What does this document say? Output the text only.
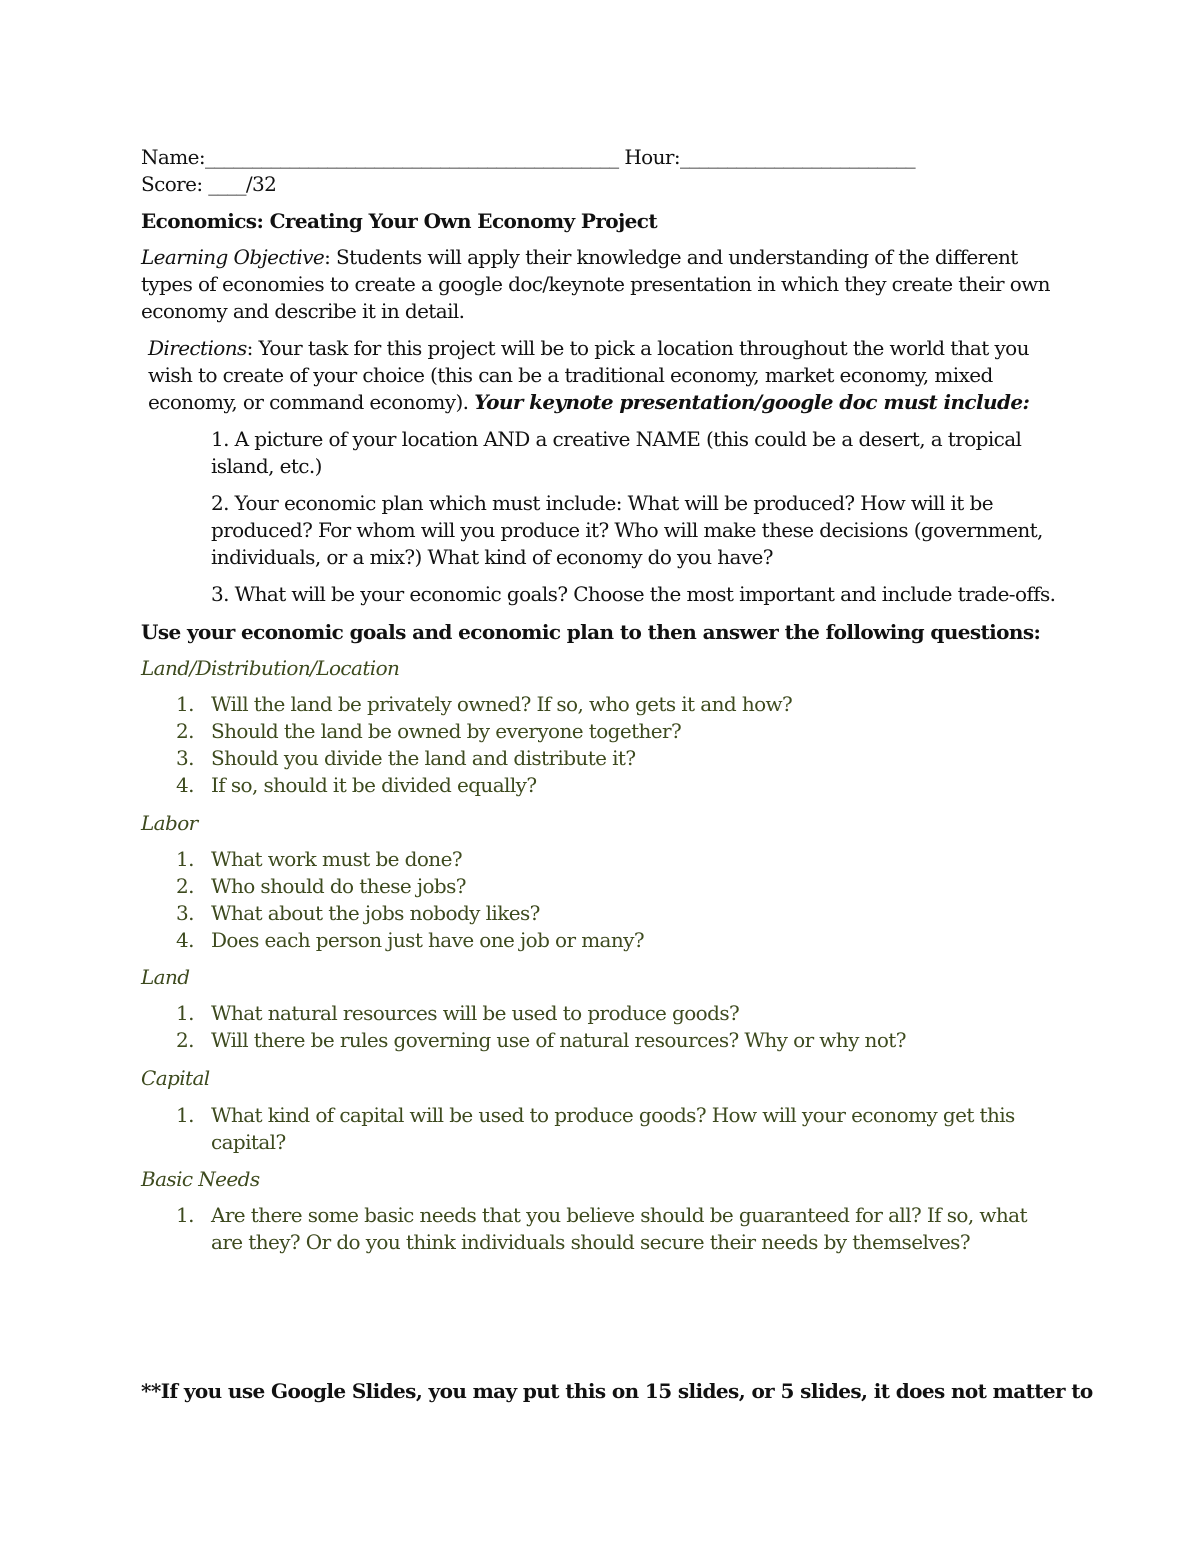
Name:____________________________________________ Hour:_________________________
Score: ____/32
Economics: Creating Your Own Economy Project
Learning Objective: Students will apply their knowledge and understanding of the different types of economies to create a google doc/keynote presentation in which they create their own economy and describe it in detail.
Directions: Your task for this project will be to pick a location throughout the world that you wish to create of your choice (this can be a traditional economy, market economy, mixed economy, or command economy). Your keynote presentation/google doc must include:
1. A picture of your location AND a creative NAME (this could be a desert, a tropical island, etc.)
2. Your economic plan which must include: What will be produced? How will it be produced? For whom will you produce it? Who will make these decisions (government, individuals, or a mix?) What kind of economy do you have?
3. What will be your economic goals? Choose the most important and include trade-offs.
Use your economic goals and economic plan to then answer the following questions:
Land/Distribution/Location
1. Will the land be privately owned? If so, who gets it and how?
2. Should the land be owned by everyone together?
3. Should you divide the land and distribute it?
4. If so, should it be divided equally?
Labor
1. What work must be done?
2. Who should do these jobs?
3. What about the jobs nobody likes?
4. Does each person just have one job or many?
Land
1. What natural resources will be used to produce goods?
2. Will there be rules governing use of natural resources? Why or why not?
Capital
1. What kind of capital will be used to produce goods? How will your economy get this capital?
Basic Needs
1. Are there some basic needs that you believe should be guaranteed for all? If so, what are they? Or do you think individuals should secure their needs by themselves?
**If you use Google Slides, you may put this on 15 slides, or 5 slides, it does not matter to
